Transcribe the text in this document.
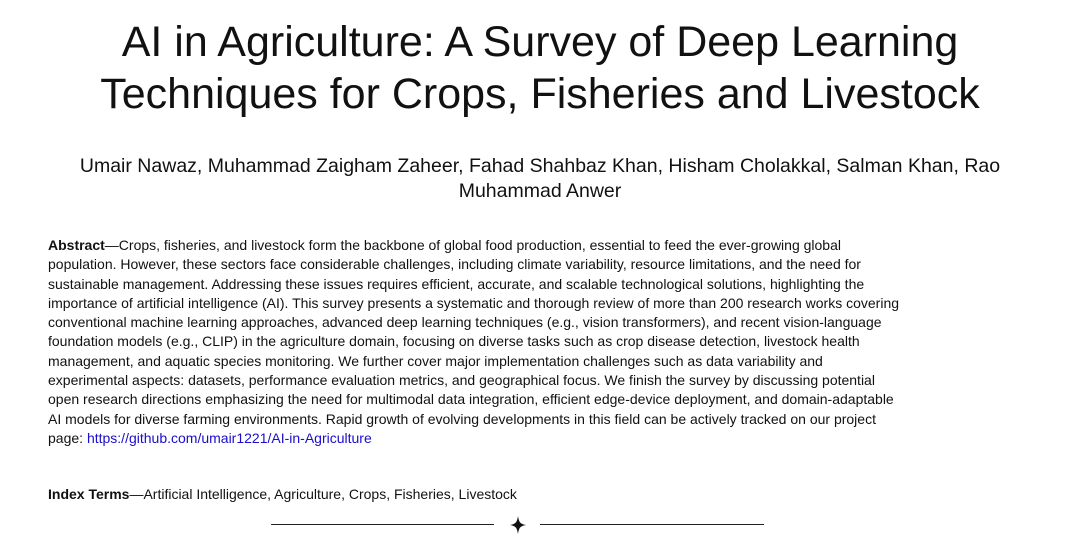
AI in Agriculture: A Survey of Deep Learning
Techniques for Crops, Fisheries and Livestock
Umair Nawaz, Muhammad Zaigham Zaheer, Fahad Shahbaz Khan, Hisham Cholakkal, Salman Khan, Rao
Muhammad Anwer
Abstract—Crops, fisheries, and livestock form the backbone of global food production, essential to feed the ever-growing global
population. However, these sectors face considerable challenges, including climate variability, resource limitations, and the need for
sustainable management. Addressing these issues requires efficient, accurate, and scalable technological solutions, highlighting the
importance of artificial intelligence (AI). This survey presents a systematic and thorough review of more than 200 research works covering
conventional machine learning approaches, advanced deep learning techniques (e.g., vision transformers), and recent vision-language
foundation models (e.g., CLIP) in the agriculture domain, focusing on diverse tasks such as crop disease detection, livestock health
management, and aquatic species monitoring. We further cover major implementation challenges such as data variability and
experimental aspects: datasets, performance evaluation metrics, and geographical focus. We finish the survey by discussing potential
open research directions emphasizing the need for multimodal data integration, efficient edge-device deployment, and domain-adaptable
AI models for diverse farming environments. Rapid growth of evolving developments in this field can be actively tracked on our project
page: https://github.com/umair1221/AI-in-Agriculture
Index Terms—Artificial Intelligence, Agriculture, Crops, Fisheries, Livestock
